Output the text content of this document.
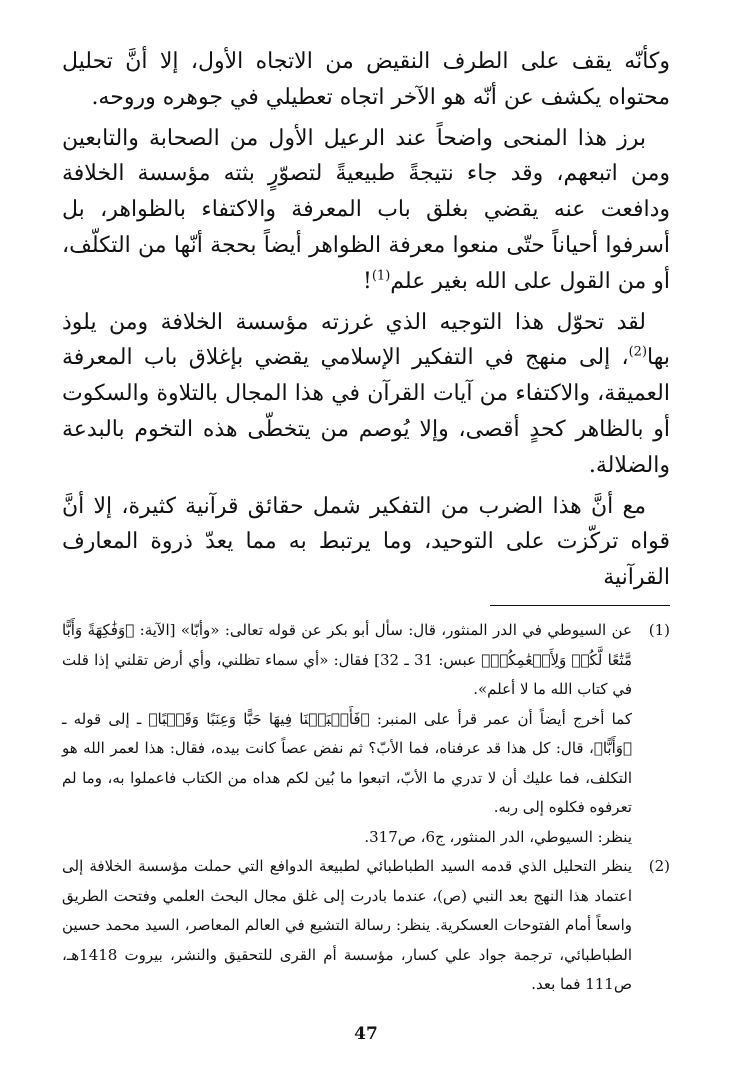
وكأنّه يقف على الطرف النقيض من الاتجاه الأول، إلا أنَّ تحليل محتواه يكشف عن أنّه هو الآخر اتجاه تعطيلي في جوهره وروحه.

برز هذا المنحى واضحاً عند الرعيل الأول من الصحابة والتابعين ومن اتبعهم، وقد جاء نتيجةً طبيعيةً لتصوّرٍ بثته مؤسسة الخلافة ودافعت عنه يقضي بغلق باب المعرفة والاكتفاء بالظواهر، بل أسرفوا أحياناً حتّى منعوا معرفة الظواهر أيضاً بحجة أنّها من التكلّف، أو من القول على الله بغير علم$^{(1)}$!

لقد تحوّل هذا التوجيه الذي غرزته مؤسسة الخلافة ومن يلوذ بها$^{(2)}$، إلى منهج في التفكير الإسلامي يقضي بإغلاق باب المعرفة العميقة، والاكتفاء من آيات القرآن في هذا المجال بالتلاوة والسكوت أو بالظاهر كحدٍ أقصى، وإلا يُوصم من يتخطّى هذه التخوم بالبدعة والضلالة.

مع أنَّ هذا الضرب من التفكير شمل حقائق قرآنية كثيرة، إلا أنَّ قواه تركّزت على التوحيد، وما يرتبط به مما يعدّ ذروة المعارف القرآنية

(1)

عن السيوطي في الدر المنثور، قال: سأل أبو بكر عن قوله تعالى: «وأبّا» [الآية: ﴿وَفَٰكِهَةً وَأَبًّا مَّتَٰعًا لَّكُمۡ وَلِأَنۡعَٰمِكُمۡ﴾ عبس: 31 ـ 32] فقال: «أي سماء تظلني، وأي أرض تقلني إذا قلت في كتاب الله ما لا أعلم».

كما أخرج أيضاً أن عمر قرأ على المنبر: ﴿فَأَنۢبَتۡنَا فِيهَا حَبًّا وَعِنَبًا وَقَضۡبًا﴾ ـ إلى قوله ـ ﴿وَأَبًّا﴾، قال: كل هذا قد عرفناه، فما الأبّ؟ ثم نفض عصاً كانت بيده، فقال: هذا لعمر الله هو التكلف، فما عليك أن لا تدري ما الأبّ، اتبعوا ما بُين لكم هداه من الكتاب فاعملوا به، وما لم تعرفوه فكلوه إلى ربه.

ينظر: السيوطي، الدر المنثور، ج6، ص317.

(2)

ينظر التحليل الذي قدمه السيد الطباطبائي لطبيعة الدوافع التي حملت مؤسسة الخلافة إلى اعتماد هذا النهج بعد النبي (ص)، عندما بادرت إلى غلق مجال البحث العلمي وفتحت الطريق واسعاً أمام الفتوحات العسكرية. ينظر: رسالة التشيع في العالم المعاصر، السيد محمد حسين الطباطبائي، ترجمة جواد علي كسار، مؤسسة أم القرى للتحقيق والنشر، بيروت 1418هـ، ص111 فما بعد.

47
